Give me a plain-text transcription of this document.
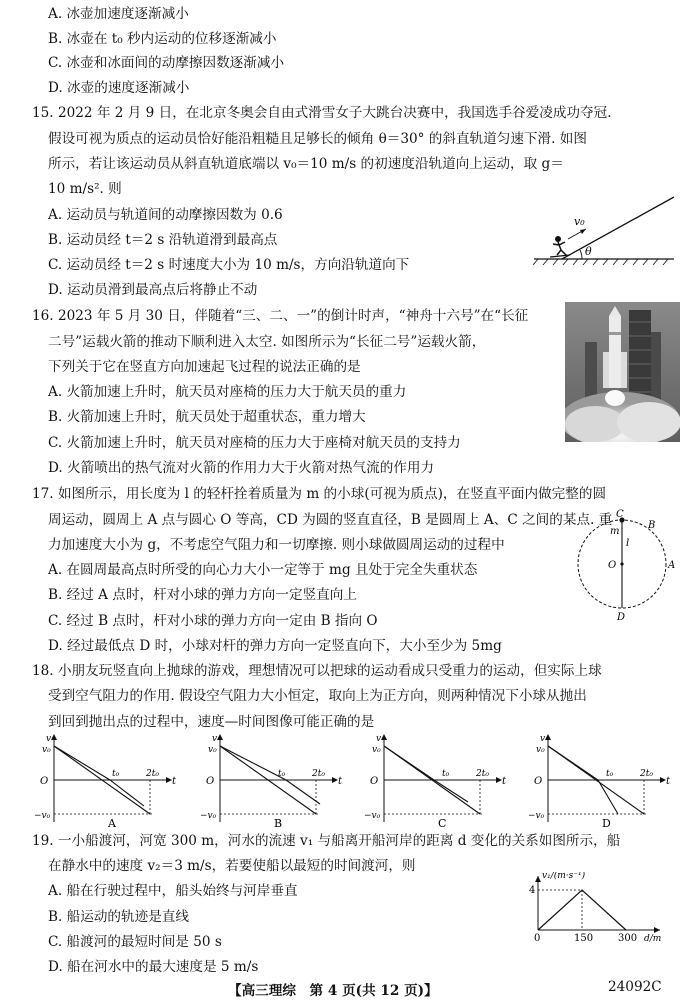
A. 冰壶加速度逐渐减小
B. 冰壶在 t₀ 秒内运动的位移逐渐减小
C. 冰壶和冰面间的动摩擦因数逐渐减小
D. 冰壶的速度逐渐减小
15. 2022 年 2 月 9 日，在北京冬奥会自由式滑雪女子大跳台决赛中，我国选手谷爱凌成功夺冠.
假设可视为质点的运动员恰好能沿粗糙且足够长的倾角 θ＝30° 的斜直轨道匀速下滑. 如图
所示，若让该运动员从斜直轨道底端以 v₀＝10 m/s 的初速度沿轨道向上运动，取 g＝
10 m/s². 则
A. 运动员与轨道间的动摩擦因数为 0.6
B. 运动员经 t＝2 s 沿轨道滑到最高点
C. 运动员经 t＝2 s 时速度大小为 10 m/s，方向沿轨道向下
D. 运动员滑到最高点后将静止不动
v₀
θ
16. 2023 年 5 月 30 日，伴随着“三、二、一”的倒计时声，“神舟十六号”在“长征
二号”运载火箭的推动下顺利进入太空. 如图所示为“长征二号”运载火箭，
下列关于它在竖直方向加速起飞过程的说法正确的是
A. 火箭加速上升时，航天员对座椅的压力大于航天员的重力
B. 火箭加速上升时，航天员处于超重状态，重力增大
C. 火箭加速上升时，航天员对座椅的压力大于座椅对航天员的支持力
D. 火箭喷出的热气流对火箭的作用力大于火箭对热气流的作用力
17. 如图所示，用长度为 l 的轻杆拴着质量为 m 的小球(可视为质点)，在竖直平面内做完整的圆
周运动，圆周上 A 点与圆心 O 等高，CD 为圆的竖直直径，B 是圆周上 A、C 之间的某点. 重
力加速度大小为 g，不考虑空气阻力和一切摩擦. 则小球做圆周运动的过程中
A. 在圆周最高点时所受的向心力大小一定等于 mg 且处于完全失重状态
B. 经过 A 点时，杆对小球的弹力方向一定竖直向上
C. 经过 B 点时，杆对小球的弹力方向一定由 B 指向 O
D. 经过最低点 D 时，小球对杆的弹力方向一定竖直向下，大小至少为 5mg
C
B
m
l
O	A
D
18. 小朋友玩竖直向上抛球的游戏，理想情况可以把球的运动看成只受重力的运动，但实际上球
受到空气阻力的作用. 假设空气阻力大小恒定，取向上为正方向，则两种情况下小球从抛出
到回到抛出点的过程中，速度—时间图像可能正确的是
v
v₀
O
t₀	2t₀
t
−v₀
A
v
v₀
O
t₀	2t₀
t
−v₀
B
v
v₀
O
t₀	2t₀
t
−v₀
C
v
v₀
O
t₀	2t₀
t
−v₀
D
19. 一小船渡河，河宽 300 m，河水的流速 v₁ 与船离开船河岸的距离 d 变化的关系如图所示，船
在静水中的速度 v₂＝3 m/s，若要使船以最短的时间渡河，则
A. 船在行驶过程中，船头始终与河岸垂直
B. 船运动的轨迹是直线
C. 船渡河的最短时间是 50 s
D. 船在河水中的最大速度是 5 m/s
v₁/(m·s⁻¹)
4
0	150 300 d/m
【高三理综　第 4 页(共 12 页)】	24092C
